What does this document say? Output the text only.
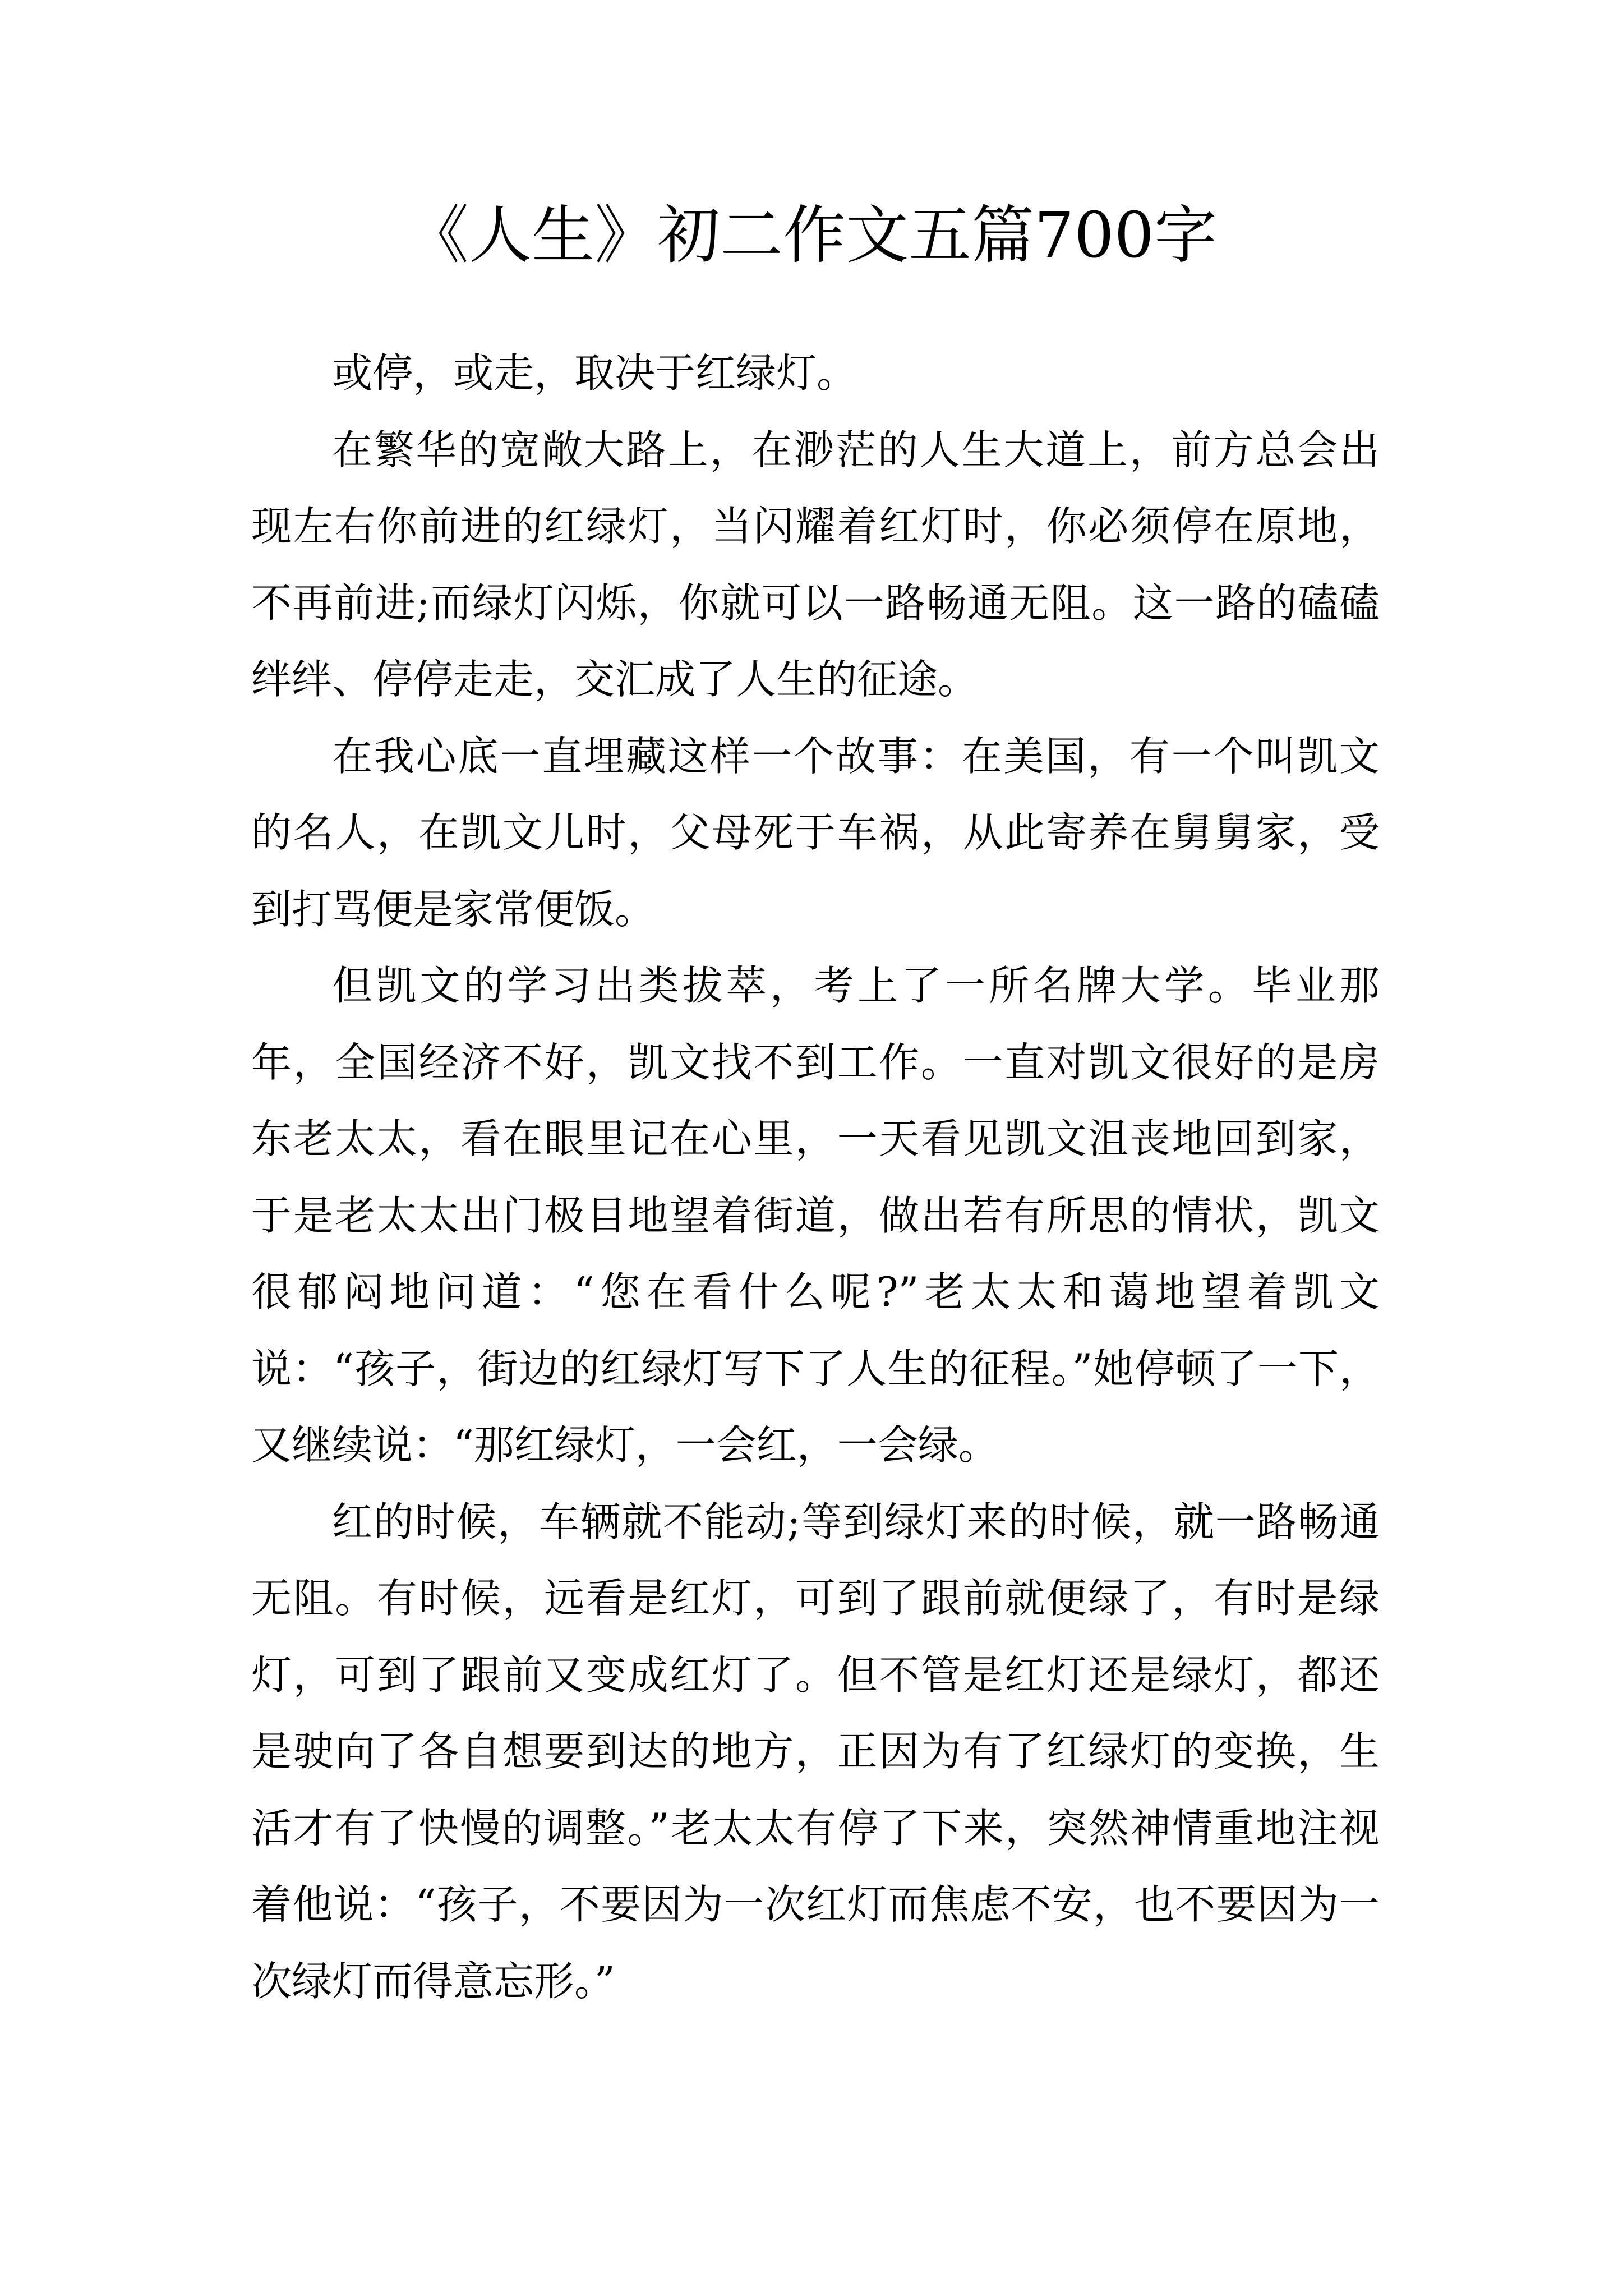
《人生》初二作文五篇700字

或停，或走，取决于红绿灯。

在繁华的宽敞大路上，在渺茫的人生大道上，前方总会出现左右你前进的红绿灯，当闪耀着红灯时，你必须停在原地，不再前进;而绿灯闪烁，你就可以一路畅通无阻。这一路的磕磕绊绊、停停走走，交汇成了人生的征途。

在我心底一直埋藏这样一个故事：在美国，有一个叫凯文的名人，在凯文儿时，父母死于车祸，从此寄养在舅舅家，受到打骂便是家常便饭。

但凯文的学习出类拔萃，考上了一所名牌大学。毕业那年，全国经济不好，凯文找不到工作。一直对凯文很好的是房东老太太，看在眼里记在心里，一天看见凯文沮丧地回到家，于是老太太出门极目地望着街道，做出若有所思的情状，凯文很郁闷地问道：“您在看什么呢?”老太太和蔼地望着凯文说：“孩子，街边的红绿灯写下了人生的征程。”她停顿了一下，又继续说：“那红绿灯，一会红，一会绿。

红的时候，车辆就不能动;等到绿灯来的时候，就一路畅通无阻。有时候，远看是红灯，可到了跟前就便绿了，有时是绿灯，可到了跟前又变成红灯了。但不管是红灯还是绿灯，都还是驶向了各自想要到达的地方，正因为有了红绿灯的变换，生活才有了快慢的调整。”老太太有停了下来，突然神情重地注视着他说：“孩子，不要因为一次红灯而焦虑不安，也不要因为一次绿灯而得意忘形。”
